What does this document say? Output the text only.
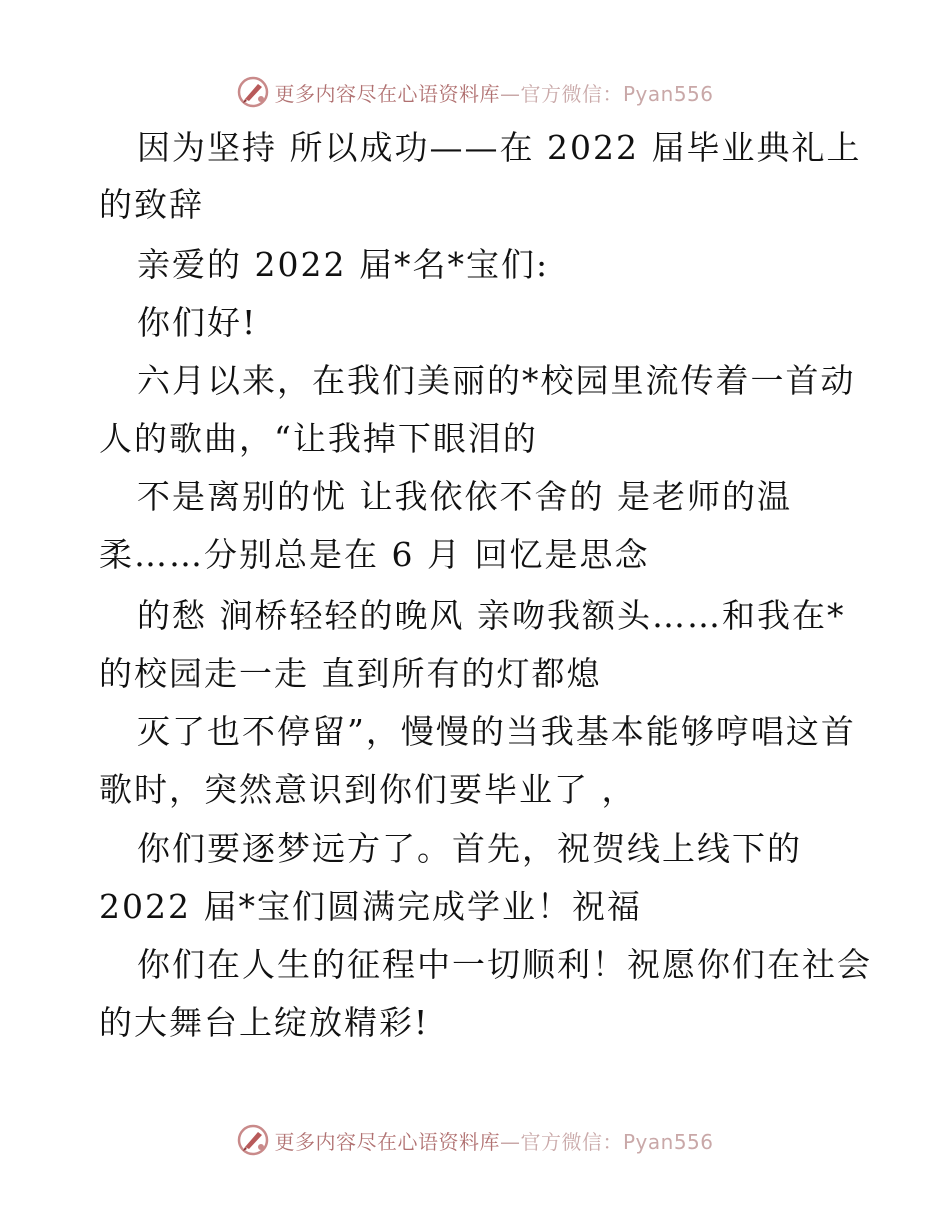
更多内容尽在心语资料库—官方微信：Pyan556
因为坚持 所以成功——在 2022 届毕业典礼上
的致辞
亲爱的 2022 届*名*宝们:
你们好!
六月以来，在我们美丽的*校园里流传着一首动
人的歌曲，“让我掉下眼泪的
不是离别的忧 让我依依不舍的 是老师的温
柔……分别总是在 6 月 回忆是思念
的愁 涧桥轻轻的晚风 亲吻我额头……和我在*
的校园走一走 直到所有的灯都熄
灭了也不停留”，慢慢的当我基本能够哼唱这首
歌时，突然意识到你们要毕业了 ，
你们要逐梦远方了。首先，祝贺线上线下的
2022 届*宝们圆满完成学业！祝福
你们在人生的征程中一切顺利！祝愿你们在社会
的大舞台上绽放精彩!
更多内容尽在心语资料库—官方微信：Pyan556
